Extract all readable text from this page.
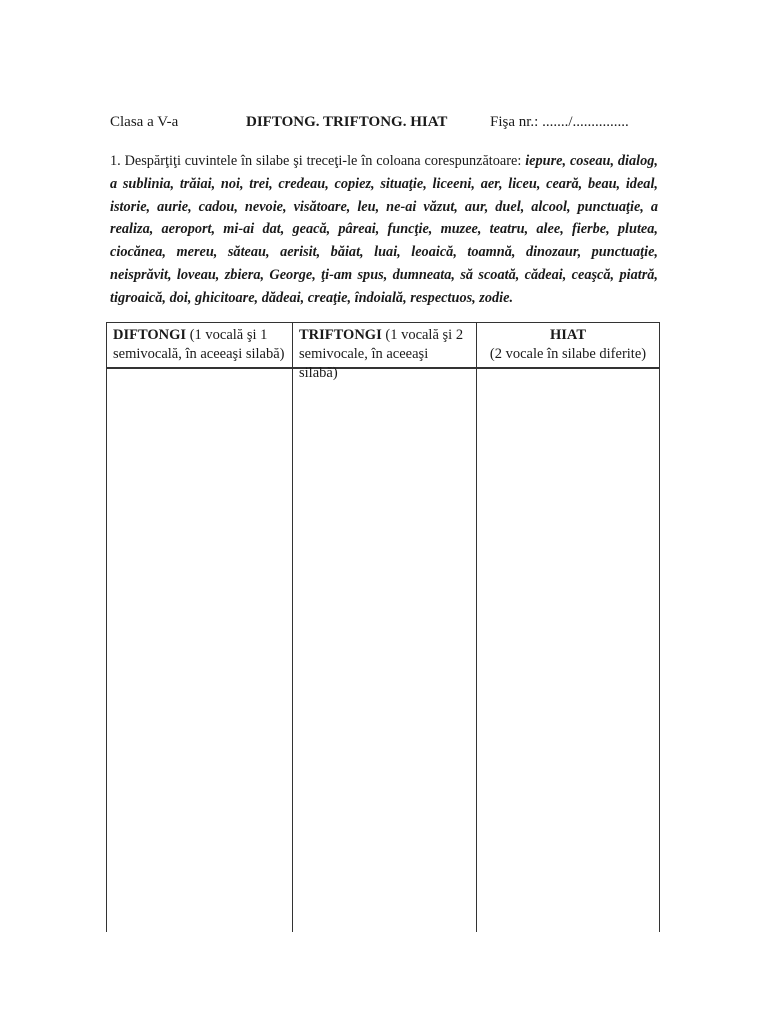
Clasa a V-a	DIFTONG. TRIFTONG. HIAT	Fişa nr.: ......./...............
1. Despărţiţi cuvintele în silabe şi treceţi-le în coloana corespunzătoare: iepure, coseau, dialog, a sublinia, trăiai, noi, trei, credeau, copiez, situaţie, liceeni, aer, liceu, ceară, beau, ideal, istorie, aurie, cadou, nevoie, visătoare, leu, ne-ai văzut, aur, duel, alcool, punctuaţie, a realiza, aeroport, mi-ai dat, geacă, pâreai, funcţie, muzee, teatru, alee, fierbe, plutea, ciocănea, mereu, săteau, aerisit, băiat, luai, leoaică, toamnă, dinozaur, punctuaţie, neisprăvit, loveau, zbiera, George, ţi-am spus, dumneata, să scoată, cădeai, ceaşcă, piatră, tigroaică, doi, ghicitoare, dădeai, creaţie, îndoială, respectuos, zodie.
DIFTONGI (1 vocală şi 1
semivocală, în aceeaşi silabă)
TRIFTONGI (1 vocală şi 2
semivocale, în aceeaşi silabă)
HIAT
(2 vocale în silabe diferite)
